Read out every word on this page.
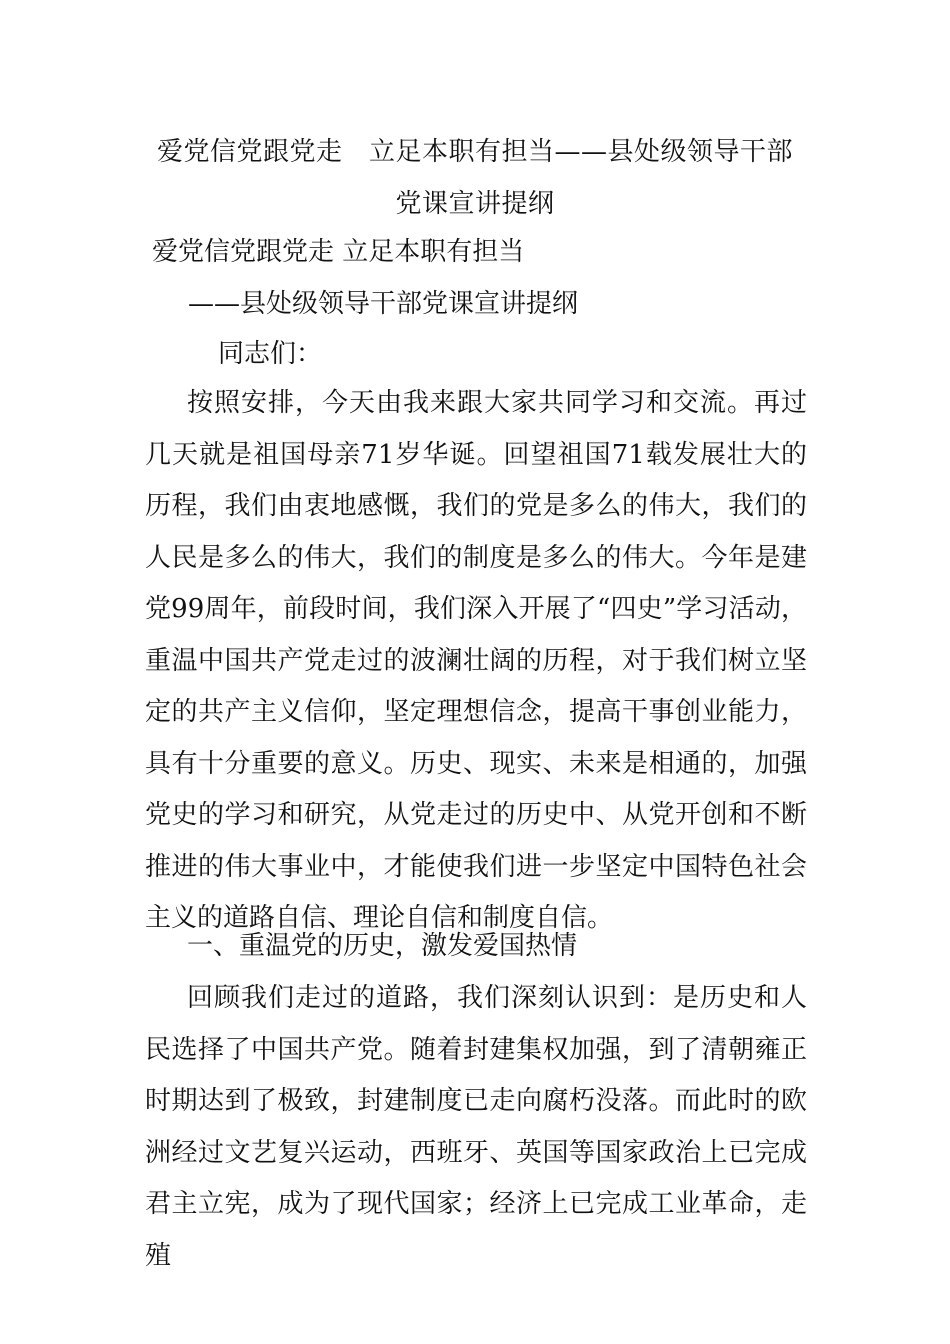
爱党信党跟党走　立足本职有担当——县处级领导干部党课宣讲提纲
爱党信党跟党走 立足本职有担当
——县处级领导干部党课宣讲提纲
同志们：

按照安排，今天由我来跟大家共同学习和交流。再过几天就是祖国母亲71岁华诞。回望祖国71载发展壮大的历程，我们由衷地感慨，我们的党是多么的伟大，我们的人民是多么的伟大，我们的制度是多么的伟大。今年是建党99周年，前段时间，我们深入开展了“四史”学习活动，重温中国共产党走过的波澜壮阔的历程，对于我们树立坚定的共产主义信仰，坚定理想信念，提高干事创业能力，具有十分重要的意义。历史、现实、未来是相通的，加强党史的学习和研究，从党走过的历史中、从党开创和不断推进的伟大事业中，才能使我们进一步坚定中国特色社会主义的道路自信、理论自信和制度自信。

一、重温党的历史，激发爱国热情

回顾我们走过的道路，我们深刻认识到：是历史和人民选择了中国共产党。随着封建集权加强，到了清朝雍正时期达到了极致，封建制度已走向腐朽没落。而此时的欧洲经过文艺复兴运动，西班牙、英国等国家政治上已完成君主立宪，成为了现代国家；经济上已完成工业革命，走殖
